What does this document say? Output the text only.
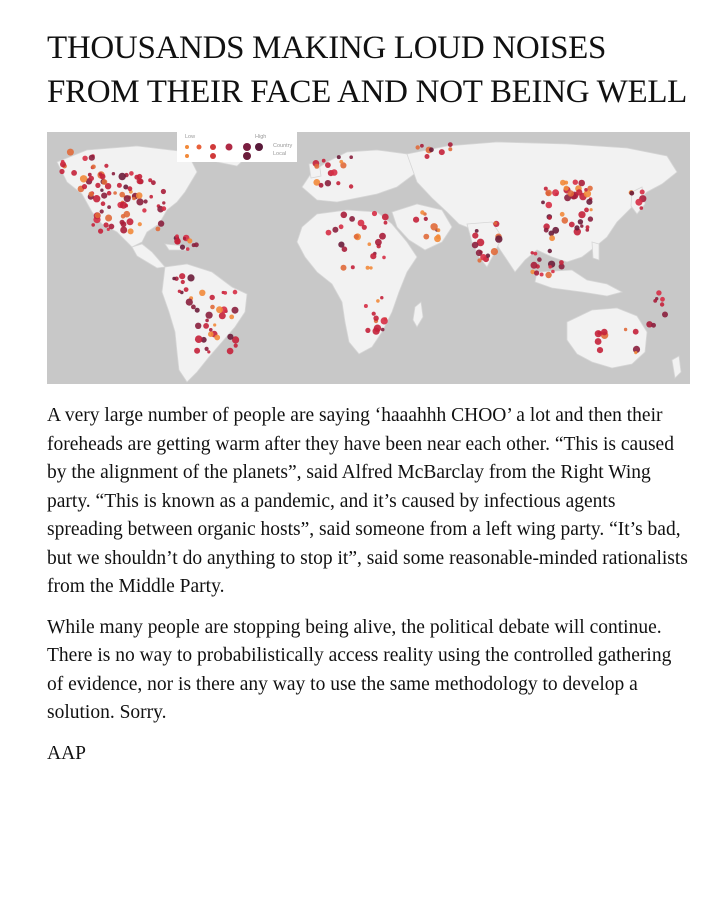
THOUSANDS MAKING LOUD NOISES FROM THEIR FACE AND NOT BEING WELL
Low	High
Country
Local

A very large number of people are saying ‘haaahhh CHOO’ a lot and then their foreheads are getting warm after they have been near each other. “This is caused by the alignment of the planets”, said Alfred McBarclay from the Right Wing party. “This is known as a pandemic, and it’s caused by infectious agents spreading between organic hosts”, said someone from a left wing party. “It’s bad, but we shouldn’t do anything to stop it”, said some reasonable-minded rationalists from the Middle Party.

While many people are stopping being alive, the political debate will continue. There is no way to probabilistically access reality using the controlled gathering of evidence, nor is there any way to use the same methodology to develop a solution. Sorry.

AAP
